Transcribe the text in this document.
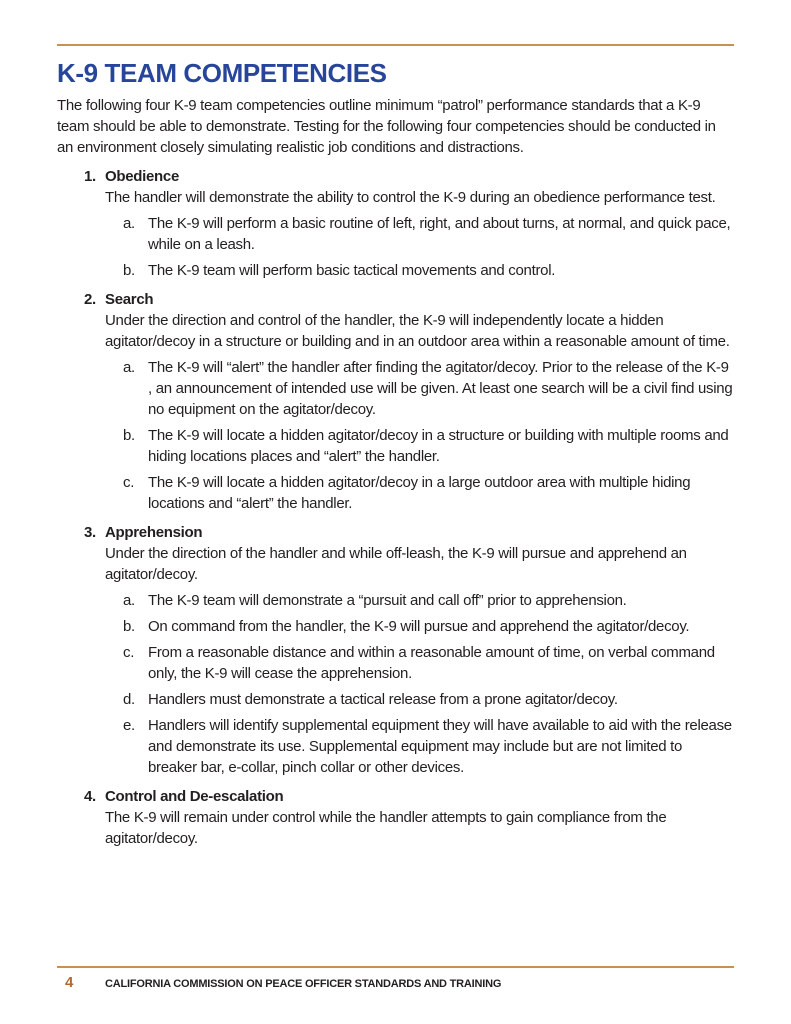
K-9 TEAM COMPETENCIES

The following four K-9 team competencies outline minimum “patrol” performance standards that a K-9 team should be able to demonstrate. Testing for the following four competencies should be conducted in an environment closely simulating realistic job conditions and distractions.

1. Obedience

The handler will demonstrate the ability to control the K-9 during an obedience performance test.

a. The K-9 will perform a basic routine of left, right, and about turns, at normal, and quick pace, while on a leash.

b. The K-9 team will perform basic tactical movements and control.

2. Search

Under the direction and control of the handler, the K-9 will independently locate a hidden agitator/decoy in a structure or building and in an outdoor area within a reasonable amount of time.

a. The K-9 will “alert” the handler after finding the agitator/decoy. Prior to the release of the K-9 , an announcement of intended use will be given. At least one search will be a civil find using no equipment on the agitator/decoy.

b. The K-9 will locate a hidden agitator/decoy in a structure or building with multiple rooms and hiding locations places and “alert” the handler.

c. The K-9 will locate a hidden agitator/decoy in a large outdoor area with multiple hiding locations and “alert” the handler.

3. Apprehension

Under the direction of the handler and while off-leash, the K-9 will pursue and apprehend an agitator/decoy.

a. The K-9 team will demonstrate a “pursuit and call off” prior to apprehension.

b. On command from the handler, the K-9 will pursue and apprehend the agitator/decoy.

c. From a reasonable distance and within a reasonable amount of time, on verbal command only, the K-9 will cease the apprehension.

d. Handlers must demonstrate a tactical release from a prone agitator/decoy.

e. Handlers will identify supplemental equipment they will have available to aid with the release and demonstrate its use. Supplemental equipment may include but are not limited to breaker bar, e-collar, pinch collar or other devices.

4. Control and De-escalation

The K-9 will remain under control while the handler attempts to gain compliance from the agitator/decoy.

4	CALIFORNIA COMMISSION ON PEACE OFFICER STANDARDS AND TRAINING
